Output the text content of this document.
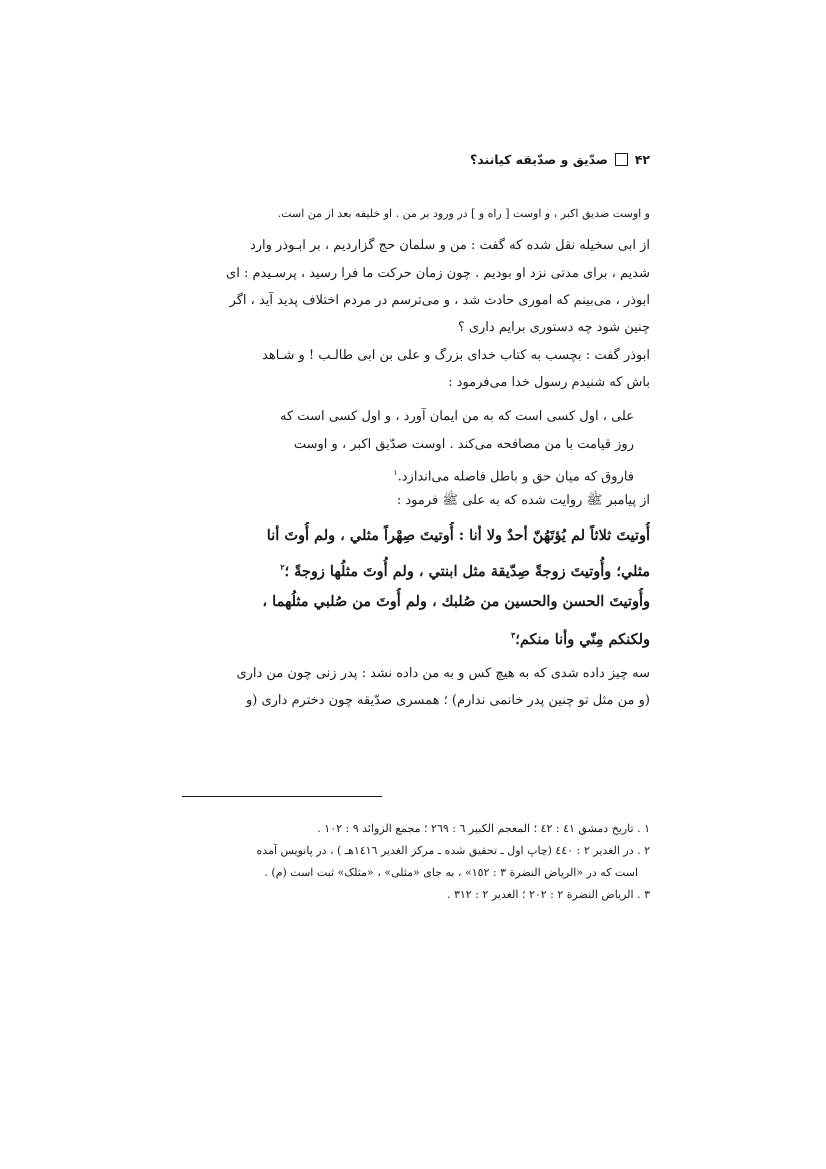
۴۲
صدّیق و صدّیقه کیانند؟
و اوست صدیق اکبر ، و اوست [ راه و ] در ورود بر من . او خلیفه بعد از من است.
از ابی سخیله نقل شده که گفت : من و سلمان حج گزاردیم ، بر ابـوذر وارد
شدیم ، برای مدتی نزد او بودیم . چون زمان حرکت ما فرا رسید ، پرسـیدم : ای
ابوذر ، می‌بینم که اموری حادث شد ، و می‌ترسم در مردم اختلاف پدید آید ، اگر
چنین شود چه دستوری برایم داری ؟
ابوذر گفت : بچسب به کتاب خدای بزرگ و علی بن ابی طالـب ! و شـاهد
باش که شنیدم رسول خدا می‌فرمود :
علی ، اول کسی است که به من ایمان آورد ، و اول کسی است که
روز قیامت با من مصافحه می‌کند . اوست صدّیق اکبر ، و اوست
فاروق که میان حق و باطل فاصله می‌اندازد.$^١$
از پیامبر ﷺ روایت شده که به علی ﷺ فرمود :
أُوتيتَ ثلاثاً لم يُؤتَهُنّ أحدٌ ولا أنا : أُوتيتَ صِهْراً مثلي ، ولم أُوتَ أنا
مثلي؛ وأُوتيتَ زوجةً صِدّيقة مثل ابنتي ، ولم أُوتَ مثلُها زوجةً ؛$^٢$
وأُوتيتَ الحسن والحسين من صُلبك ، ولم أُوتَ من صُلبي مثلُهما ،
ولكنكم مِنّي وأنا منكم؛$^٣$
سه چیز داده شدی که به هیچ کس و به من داده نشد : پدر زنی چون من داری
(و من مثل تو چنین پدر خانمی ندارم) ؛ همسری صدّیقه چون دخترم داری (و
١ . تاریخ دمشق ٤١ : ٤٢ ؛ المعجم الکبیر ٦ : ٢٦٩ ؛ مجمع الزوائد ٩ : ١٠٢ .
٢ . در الغدیر ٢ : ٤٤٠ (چاپ اول ـ تحقیق شده ـ مرکز الغدیر ١٤١٦هـ ) ، در پانویس آمده
است که در «الریاض النضرة ٣ : ١٥٢» ، به جای «مثلی» ، «مثلک» ثبت است (م) .
٣ . الریاض النضرة ٢ : ٢٠٢ ؛ الغدیر ٢ : ٣١٢ .
